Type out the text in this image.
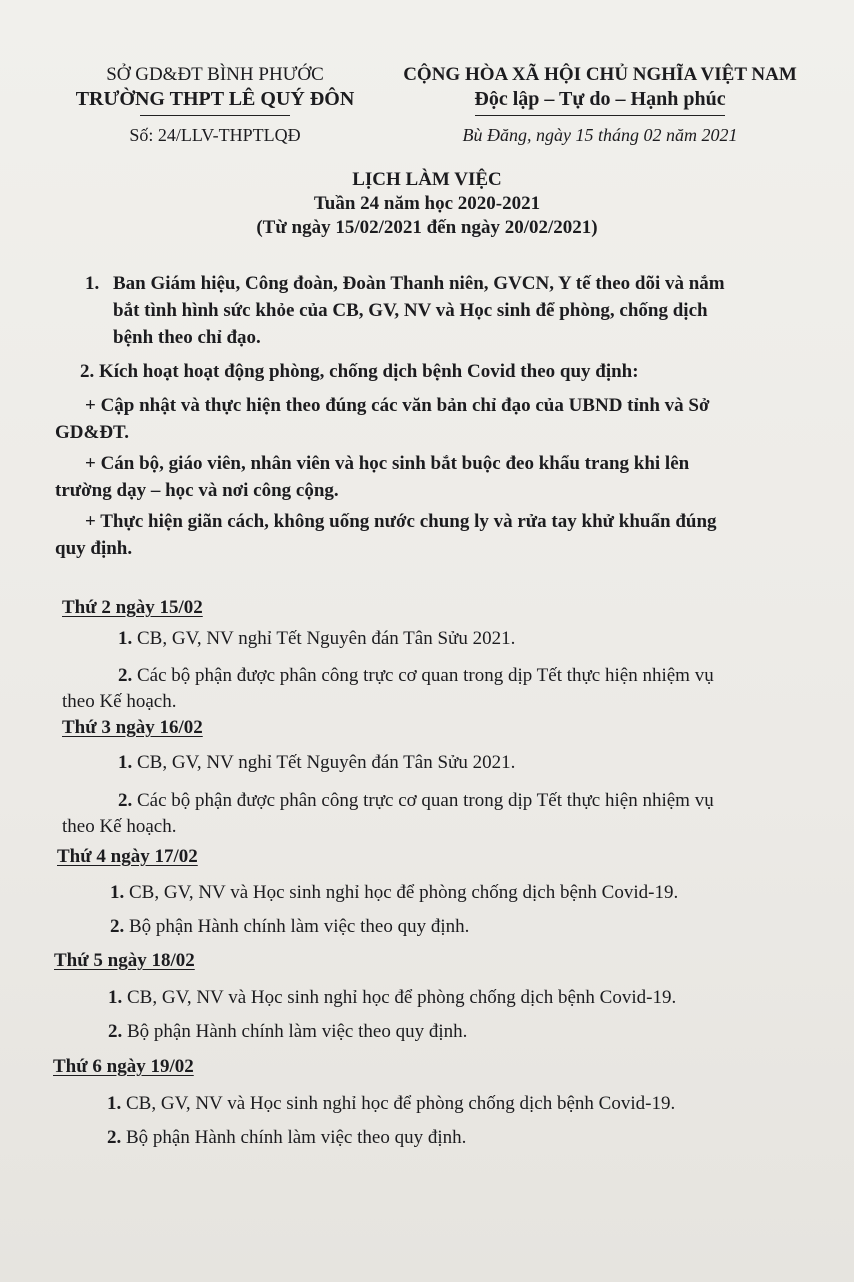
SỞ GD&ĐT BÌNH PHƯỚC
TRƯỜNG THPT LÊ QUÝ ĐÔN
Số: 24/LLV-THPTLQĐ
CỘNG HÒA XÃ HỘI CHỦ NGHĨA VIỆT NAM
Độc lập – Tự do – Hạnh phúc
Bù Đăng, ngày 15 tháng 02 năm 2021
LỊCH LÀM VIỆC
Tuần 24 năm học 2020-2021
(Từ ngày 15/02/2021 đến ngày 20/02/2021)
1. Ban Giám hiệu, Công đoàn, Đoàn Thanh niên, GVCN, Y tế theo dõi và nắm
bắt tình hình sức khỏe của CB, GV, NV và Học sinh để phòng, chống dịch
bệnh theo chỉ đạo.
2. Kích hoạt hoạt động phòng, chống dịch bệnh Covid theo quy định:
+ Cập nhật và thực hiện theo đúng các văn bản chỉ đạo của UBND tỉnh và Sở
GD&ĐT.
+ Cán bộ, giáo viên, nhân viên và học sinh bắt buộc đeo khẩu trang khi lên
trường dạy – học và nơi công cộng.
+ Thực hiện giãn cách, không uống nước chung ly và rửa tay khử khuẩn đúng
quy định.
Thứ 2 ngày 15/02
1. CB, GV, NV nghỉ Tết Nguyên đán Tân Sửu 2021.
2. Các bộ phận được phân công trực cơ quan trong dịp Tết thực hiện nhiệm vụ
theo Kế hoạch.
Thứ 3 ngày 16/02
1. CB, GV, NV nghỉ Tết Nguyên đán Tân Sửu 2021.
2. Các bộ phận được phân công trực cơ quan trong dịp Tết thực hiện nhiệm vụ
theo Kế hoạch.
Thứ 4 ngày 17/02
1. CB, GV, NV và Học sinh nghỉ học để phòng chống dịch bệnh Covid-19.
2. Bộ phận Hành chính làm việc theo quy định.
Thứ 5 ngày 18/02
1. CB, GV, NV và Học sinh nghỉ học để phòng chống dịch bệnh Covid-19.
2. Bộ phận Hành chính làm việc theo quy định.
Thứ 6 ngày 19/02
1. CB, GV, NV và Học sinh nghỉ học để phòng chống dịch bệnh Covid-19.
2. Bộ phận Hành chính làm việc theo quy định.
